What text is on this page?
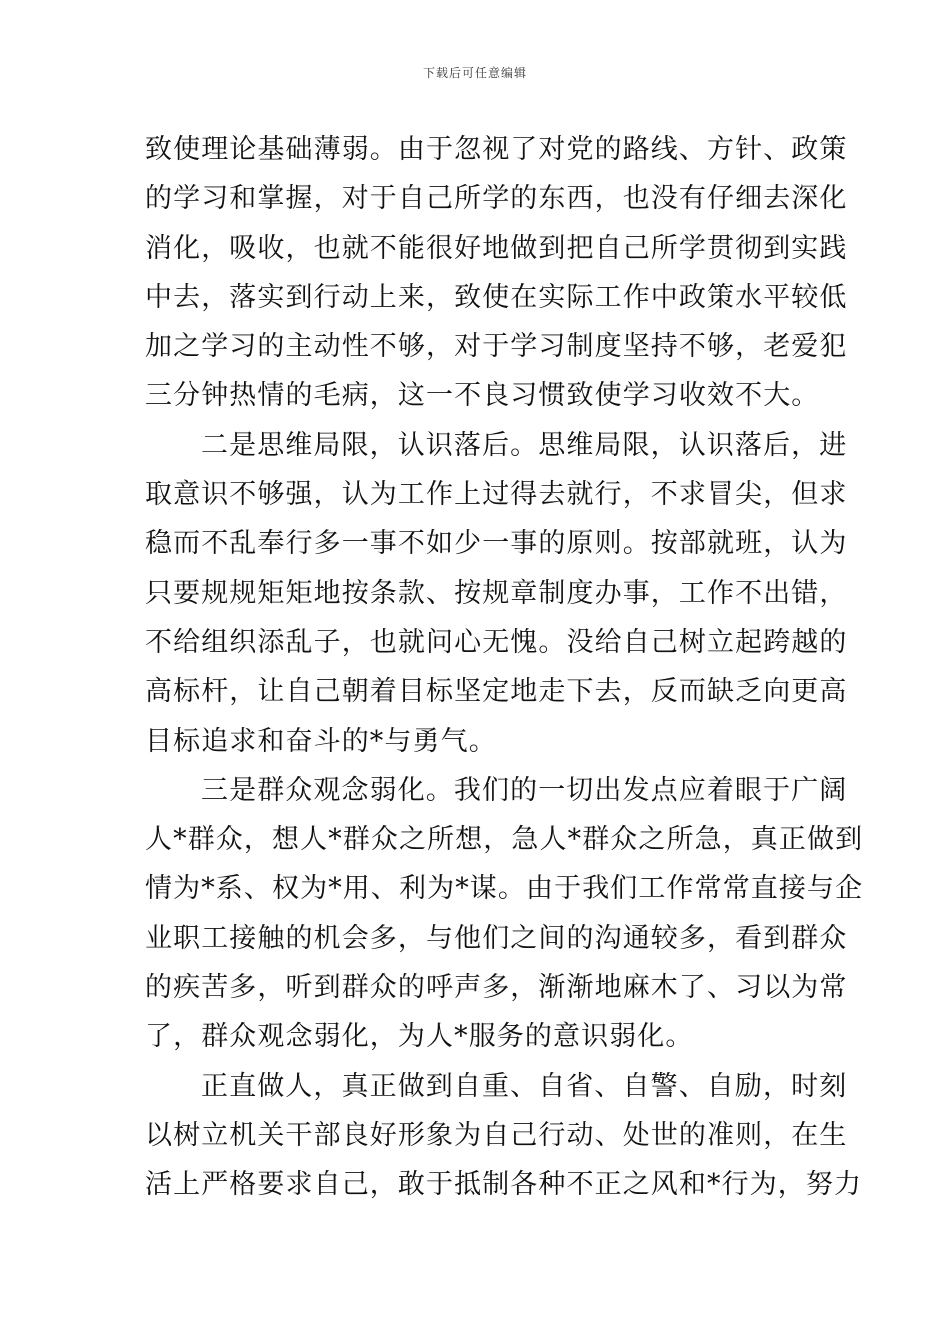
下载后可任意编辑
致使理论基础薄弱。由于忽视了对党的路线、方针、政策
的学习和掌握，对于自己所学的东西，也没有仔细去深化
消化，吸收，也就不能很好地做到把自己所学贯彻到实践
中去，落实到行动上来，致使在实际工作中政策水平较低
加之学习的主动性不够，对于学习制度坚持不够，老爱犯
三分钟热情的毛病，这一不良习惯致使学习收效不大。
二是思维局限，认识落后。思维局限，认识落后，进
取意识不够强，认为工作上过得去就行，不求冒尖，但求
稳而不乱奉行多一事不如少一事的原则。按部就班，认为
只要规规矩矩地按条款、按规章制度办事，工作不出错，
不给组织添乱子，也就问心无愧。没给自己树立起跨越的
高标杆，让自己朝着目标坚定地走下去，反而缺乏向更高
目标追求和奋斗的*与勇气。
三是群众观念弱化。我们的一切出发点应着眼于广阔
人*群众，想人*群众之所想，急人*群众之所急，真正做到
情为*系、权为*用、利为*谋。由于我们工作常常直接与企
业职工接触的机会多，与他们之间的沟通较多，看到群众
的疾苦多，听到群众的呼声多，渐渐地麻木了、习以为常
了，群众观念弱化，为人*服务的意识弱化。
正直做人，真正做到自重、自省、自警、自励，时刻
以树立机关干部良好形象为自己行动、处世的准则，在生
活上严格要求自己，敢于抵制各种不正之风和*行为，努力
